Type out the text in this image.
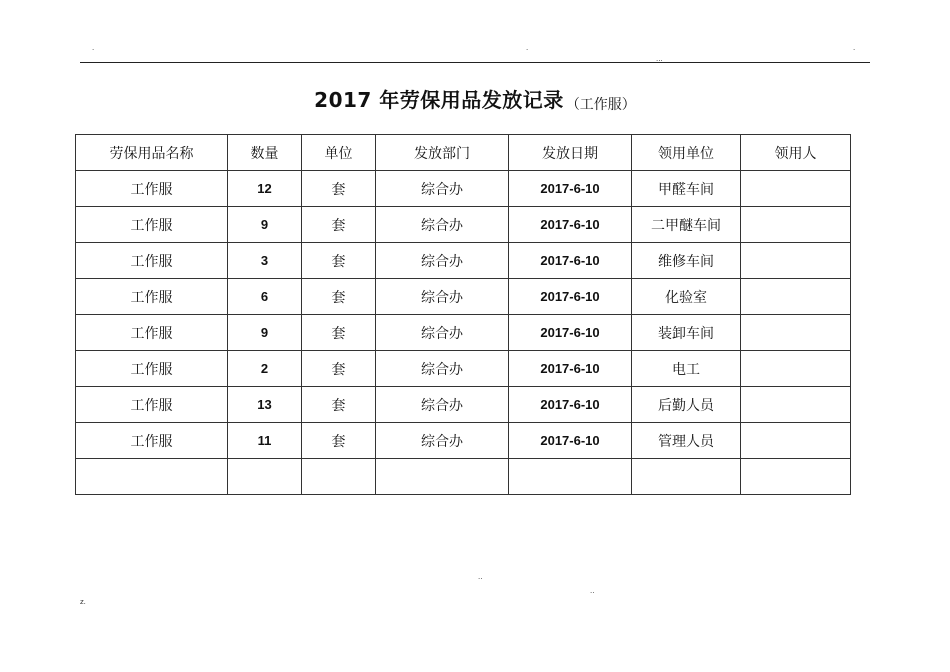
.	.	.
...
2017 年劳保用品发放记录 （工作服）
劳保用品名称	数量	单位	发放部门	发放日期	领用单位	领用人
工作服	12	套	综合办	2017-6-10	甲醛车间	
工作服	9	套	综合办	2017-6-10	二甲醚车间	
工作服	3	套	综合办	2017-6-10	维修车间	
工作服	6	套	综合办	2017-6-10	化验室	
工作服	9	套	综合办	2017-6-10	装卸车间	
工作服	2	套	综合办	2017-6-10	电工	
工作服	13	套	综合办	2017-6-10	后勤人员	
工作服	11	套	综合办	2017-6-10	管理人员	

..
..
z.
